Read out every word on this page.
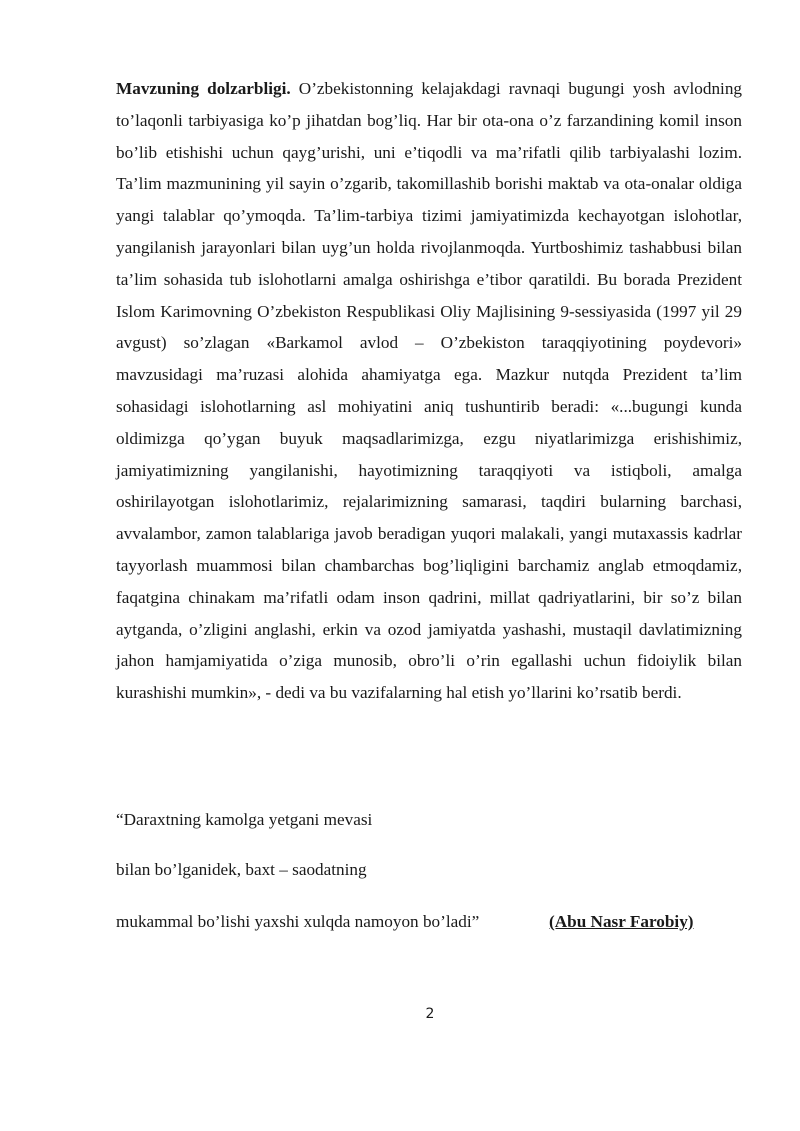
Mavzuning dolzarbligi. O’zbekistonning kelajakdagi ravnaqi bugungi yosh avlodning to’laqonli tarbiyasiga ko’p jihatdan bog’liq. Har bir ota-ona o’z farzandining komil inson bo’lib etishishi uchun qayg’urishi, uni e’tiqodli va ma’rifatli qilib tarbiyalashi lozim. Ta’lim mazmunining yil sayin o’zgarib, takomillashib borishi maktab va ota-onalar oldiga yangi talablar qo’ymoqda. Ta’lim-tarbiya tizimi jamiyatimizda kechayotgan islohotlar, yangilanish jarayonlari bilan uyg’un holda rivojlanmoqda. Yurtboshimiz tashabbusi bilan ta’lim sohasida tub islohotlarni amalga oshirishga e’tibor qaratildi. Bu borada Prezident Islom Karimovning O’zbekiston Respublikasi Oliy Majlisining 9-sessiyasida (1997 yil 29 avgust) so’zlagan «Barkamol avlod – O’zbekiston taraqqiyotining poydevori» mavzusidagi ma’ruzasi alohida ahamiyatga ega. Mazkur nutqda Prezident ta’lim sohasidagi islohotlarning asl mohiyatini aniq tushuntirib beradi: «...bugungi kunda oldimizga qo’ygan buyuk maqsadlarimizga, ezgu niyatlarimizga erishishimiz, jamiyatimizning yangilanishi, hayotimizning taraqqiyoti va istiqboli, amalga oshirilayotgan islohotlarimiz, rejalarimizning samarasi, taqdiri bularning barchasi, avvalambor, zamon talablariga javob beradigan yuqori malakali, yangi mutaxassis kadrlar tayyorlash muammosi bilan chambarchas bog’liqligini barchamiz anglab etmoqdamiz, faqatgina chinakam ma’rifatli odam inson qadrini, millat qadriyatlarini, bir so’z bilan aytganda, o’zligini anglashi, erkin va ozod jamiyatda yashashi, mustaqil davlatimizning jahon hamjamiyatida o’ziga munosib, obro’li o’rin egallashi uchun fidoiylik bilan kurashishi mumkin», - dedi va bu vazifalarning hal etish yo’llarini ko’rsatib berdi.

“Daraxtning kamolga yetgani mevasi

bilan bo’lganidek, baxt – saodatning

mukammal bo’lishi yaxshi xulqda namoyon bo’ladi”	(Abu Nasr Farobiy)

2
